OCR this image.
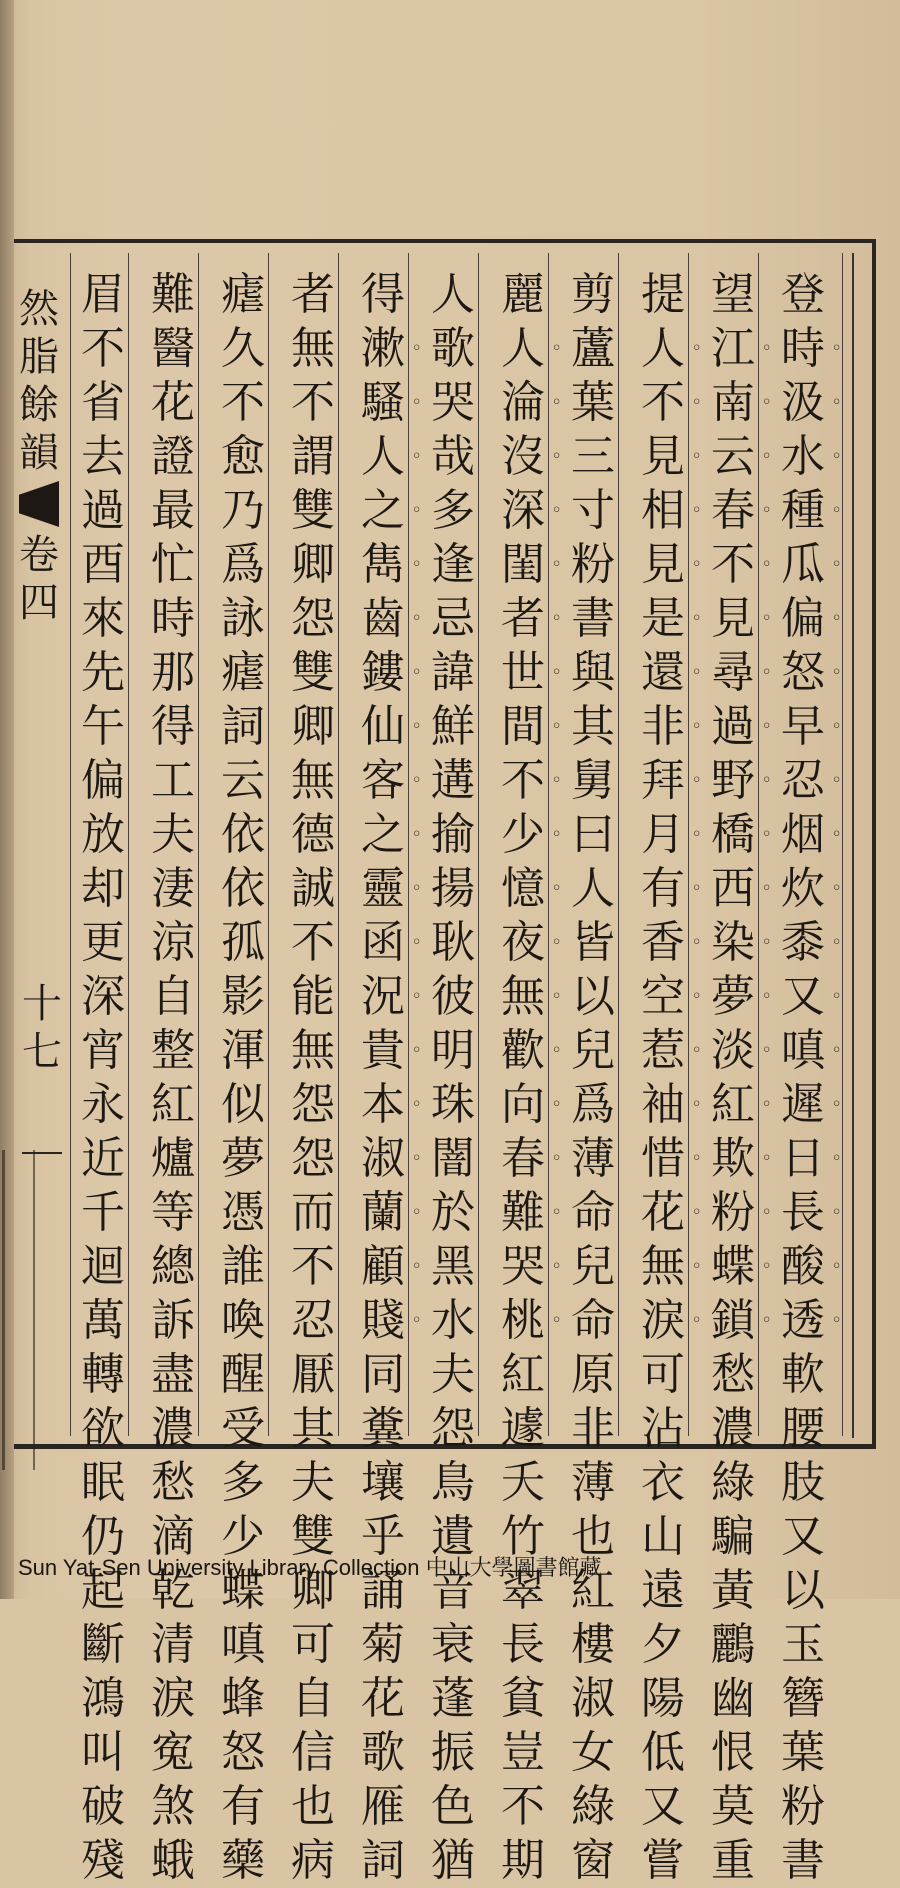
然
脂
餘
韻
卷
四
十
七
登
時 ◦
汲 ◦
水 ◦
種 ◦
瓜 ◦
偏 ◦
怒 ◦
早 ◦
忍 ◦
烟 ◦
炊 ◦
黍 ◦
又 ◦
嗔 ◦
遲 ◦
日 ◦
長 ◦
酸 ◦
透 ◦
軟
腰
肢
又
以
玉
簪
葉
粉
書
望
江 ◦
南 ◦
云 ◦
春 ◦
不 ◦
見 ◦
尋 ◦
過 ◦
野 ◦
橋 ◦
西 ◦
染 ◦
夢 ◦
淡 ◦
紅 ◦
欺 ◦
粉 ◦
蝶 ◦
鎖 ◦
愁
濃
綠
騙
黃
鸝
幽
恨
莫
重
提
人 ◦
不 ◦
見 ◦
相 ◦
見 ◦
是 ◦
還 ◦
非 ◦
拜 ◦
月 ◦
有 ◦
香 ◦
空 ◦
惹 ◦
袖 ◦
惜 ◦
花 ◦
無 ◦
淚 ◦
可
沾
衣
山
遠
夕
陽
低
又
嘗
剪
蘆
葉
三
寸
粉
書
與
其
舅
曰
人
皆
以
兒
爲
薄
命
兒
命
原
非
薄
也
紅
樓
淑
女
綠
窗
麗
人 ◦
淪 ◦
沒 ◦
深 ◦
閨 ◦
者 ◦
世 ◦
間 ◦
不 ◦
少 ◦
憶 ◦
夜 ◦
無 ◦
歡 ◦
向 ◦
春 ◦
難 ◦
哭 ◦
桃 ◦
紅
遽
夭
竹
翠
長
貧
豈
不
期
人
歌
哭
哉
多
逢
忌
諱
鮮
遘
揄
揚
耿
彼
明
珠
闇
於
黑
水
夫
怨
鳥
遺
音
衰
蓬
振
色
猶
得
漱 ◦
騷 ◦
人 ◦
之 ◦
雋 ◦
齒 ◦
鏤 ◦
仙 ◦
客 ◦
之 ◦
靈 ◦
函 ◦
況 ◦
貴 ◦
本 ◦
淑 ◦
蘭 ◦
顧 ◦
賤 ◦
同
糞
壤
乎
誦
菊
花
歌
雁
詞
者
無
不
謂
雙
卿
怨
雙
卿
無
德
誠
不
能
無
怨
怨
而
不
忍
厭
其
夫
雙
卿
可
自
信
也
病
瘧
久
不
愈
乃
爲
詠
瘧
詞
云
依
依
孤
影
渾
似
夢
憑
誰
喚
醒
受
多
少
蝶
嗔
蜂
怒
有
藥
難
醫
花
證
最
忙
時
那
得
工
夫
淒
涼
自
整
紅
爐
等
總
訴
盡
濃
愁
滴
乾
清
淚
寃
煞
蛾
眉
不
省
去
過
酉
來
先
午
偏
放
却
更
深
宵
永
近
千
迴
萬
轉
欲
眠
仍
起
斷
鴻
叫
破
殘
Sun Yat-Sen University Library Collection 中山大學圖書館藏
